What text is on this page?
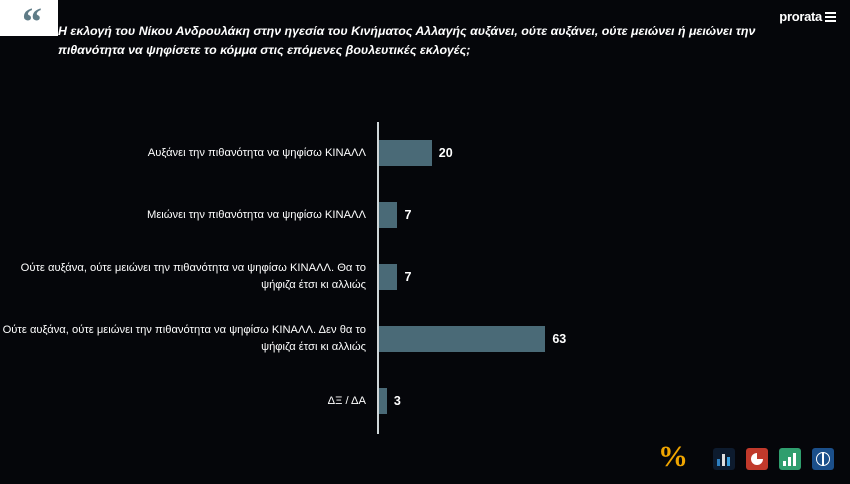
“	prorata
Η εκλογή του Νίκου Ανδρουλάκη στην ηγεσία του Κινήματος Αλλαγής αυξάνει, ούτε αυξάνει, ούτε μειώνει ή μειώνει την πιθανότητα να ψηφίσετε το κόμμα στις επόμενες βουλευτικές εκλογές;
Αυξάνει την πιθανότητα να ψηφίσω ΚΙΝΑΛΛ	20
Μειώνει την πιθανότητα να ψηφίσω ΚΙΝΑΛΛ	7
Ούτε αυξάνα, ούτε μειώνει την πιθανότητα να ψηφίσω ΚΙΝΑΛΛ. Θα το ψήφιζα έτσι κι αλλιώς
7
Ούτε αυξάνα, ούτε μειώνει την πιθανότητα να ψηφίσω ΚΙΝΑΛΛ. Δεν θα το ψήφιζα έτσι κι αλλιώς
63
ΔΞ / ΔΑ	3
%
